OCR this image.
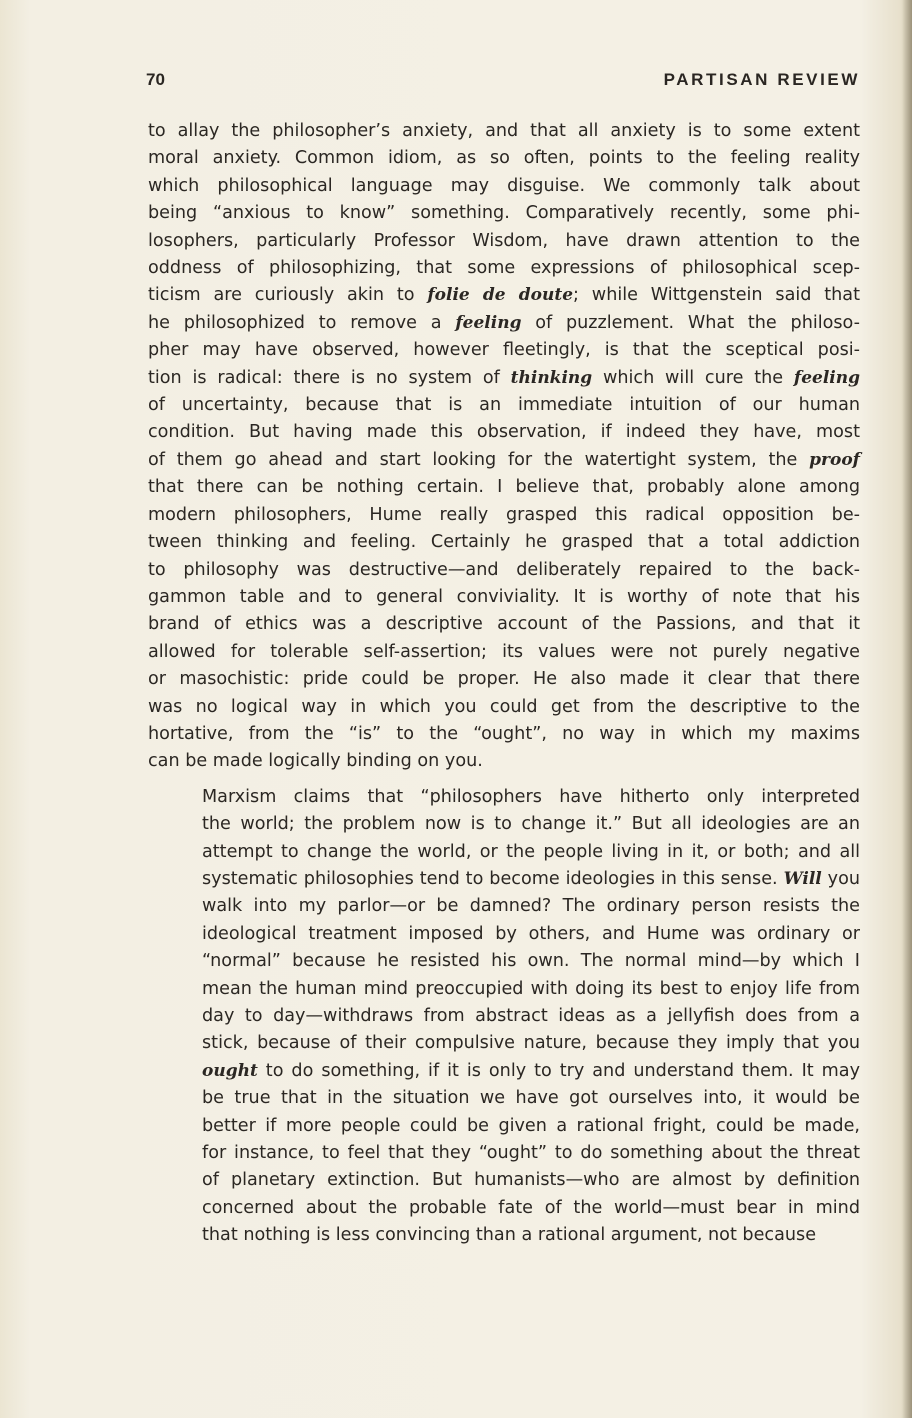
70	PARTISAN REVIEW
to allay the philosopher’s anxiety, and that all anxiety is to some extent
moral anxiety. Common idiom, as so often, points to the feeling reality
which philosophical language may disguise. We commonly talk about
being “anxious to know” something. Comparatively recently, some phi-
losophers, particularly Professor Wisdom, have drawn attention to the
oddness of philosophizing, that some expressions of philosophical scep-
ticism are curiously akin to folie de doute; while Wittgenstein said that
he philosophized to remove a feeling of puzzlement. What the philoso-
pher may have observed, however fleetingly, is that the sceptical posi-
tion is radical: there is no system of thinking which will cure the feeling
of uncertainty, because that is an immediate intuition of our human
condition. But having made this observation, if indeed they have, most
of them go ahead and start looking for the watertight system, the proof
that there can be nothing certain. I believe that, probably alone among
modern philosophers, Hume really grasped this radical opposition be-
tween thinking and feeling. Certainly he grasped that a total addiction
to philosophy was destructive—and deliberately repaired to the back-
gammon table and to general conviviality. It is worthy of note that his
brand of ethics was a descriptive account of the Passions, and that it
allowed for tolerable self-assertion; its values were not purely negative
or masochistic: pride could be proper. He also made it clear that there
was no logical way in which you could get from the descriptive to the
hortative, from the “is” to the “ought”, no way in which my maxims
can be made logically binding on you.
Marxism claims that “philosophers have hitherto only interpreted
the world; the problem now is to change it.” But all ideologies are an
attempt to change the world, or the people living in it, or both; and all
systematic philosophies tend to become ideologies in this sense. Will you
walk into my parlor—or be damned? The ordinary person resists the
ideological treatment imposed by others, and Hume was ordinary or
“normal” because he resisted his own. The normal mind—by which I
mean the human mind preoccupied with doing its best to enjoy life from
day to day—withdraws from abstract ideas as a jellyfish does from a
stick, because of their compulsive nature, because they imply that you
ought to do something, if it is only to try and understand them. It may
be true that in the situation we have got ourselves into, it would be
better if more people could be given a rational fright, could be made,
for instance, to feel that they “ought” to do something about the threat
of planetary extinction. But humanists—who are almost by definition
concerned about the probable fate of the world—must bear in mind
that nothing is less convincing than a rational argument, not because
